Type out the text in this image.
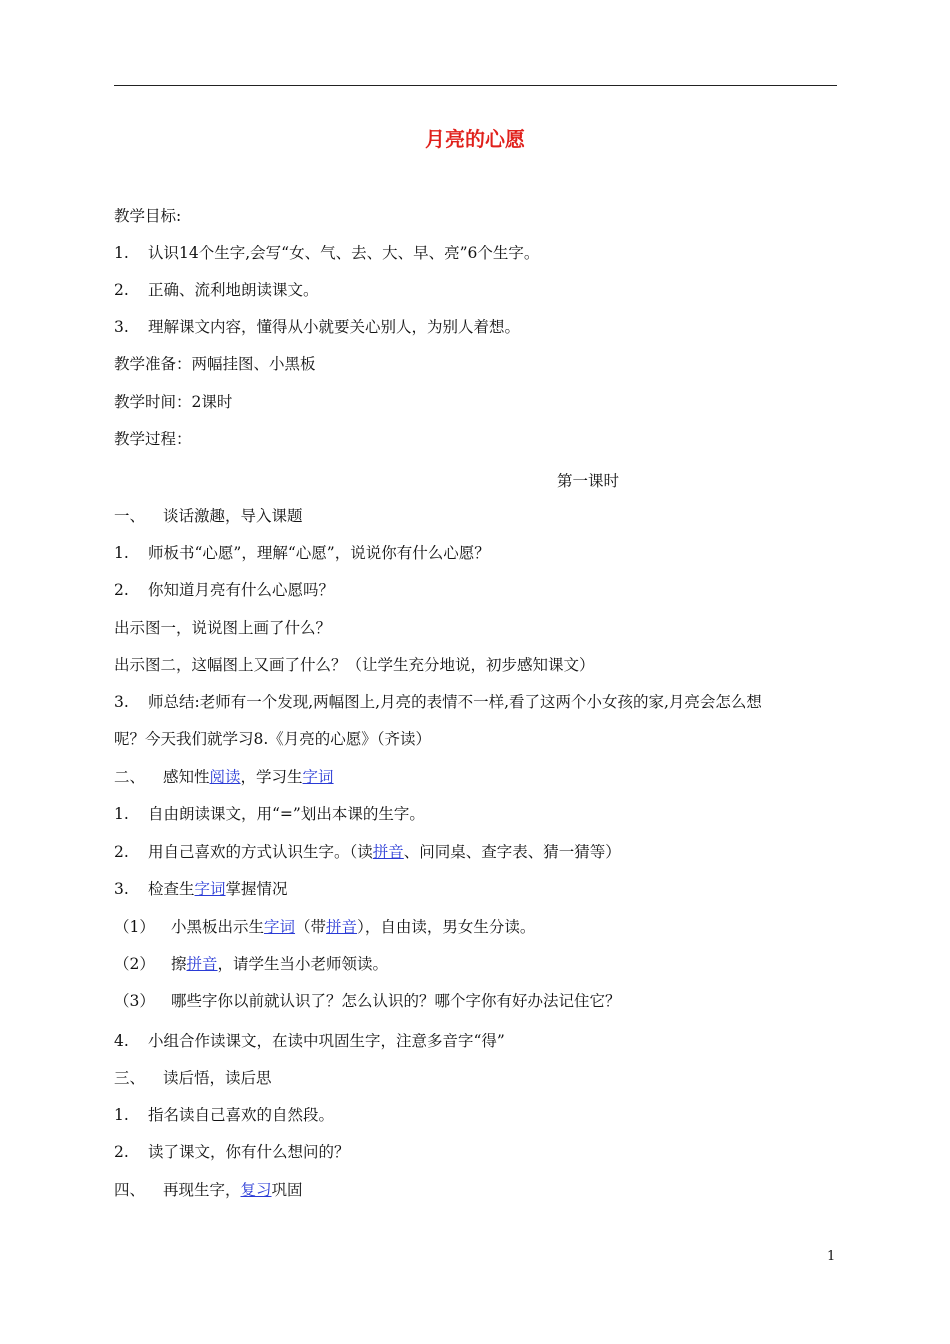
月亮的心愿
教学目标:
1. 认识14个生字,会写“女、气、去、大、早、亮”6个生字。
2. 正确、流利地朗读课文。
3. 理解课文内容，懂得从小就要关心别人，为别人着想。
教学准备：两幅挂图、小黑板
教学时间：2课时
教学过程：
第一课时
一、 谈话激趣，导入课题
1. 师板书“心愿”，理解“心愿”，说说你有什么心愿？
2. 你知道月亮有什么心愿吗？
出示图一，说说图上画了什么？
出示图二，这幅图上又画了什么？（让学生充分地说，初步感知课文）
3. 师总结:老师有一个发现,两幅图上,月亮的表情不一样,看了这两个小女孩的家,月亮会怎么想
呢？今天我们就学习8.《月亮的心愿》（齐读）
二、 感知性阅读，学习生字词
1. 自由朗读课文，用“=”划出本课的生字。
2. 用自己喜欢的方式认识生字。（读拼音、问同桌、查字表、猜一猜等）
3. 检查生字词掌握情况
（1） 小黑板出示生字词（带拼音），自由读，男女生分读。
（2） 擦拼音，请学生当小老师领读。
（3） 哪些字你以前就认识了？怎么认识的？哪个字你有好办法记住它？
4. 小组合作读课文，在读中巩固生字，注意多音字“得”
三、 读后悟，读后思
1. 指名读自己喜欢的自然段。
2. 读了课文，你有什么想问的？
四、 再现生字，复习巩固
1
